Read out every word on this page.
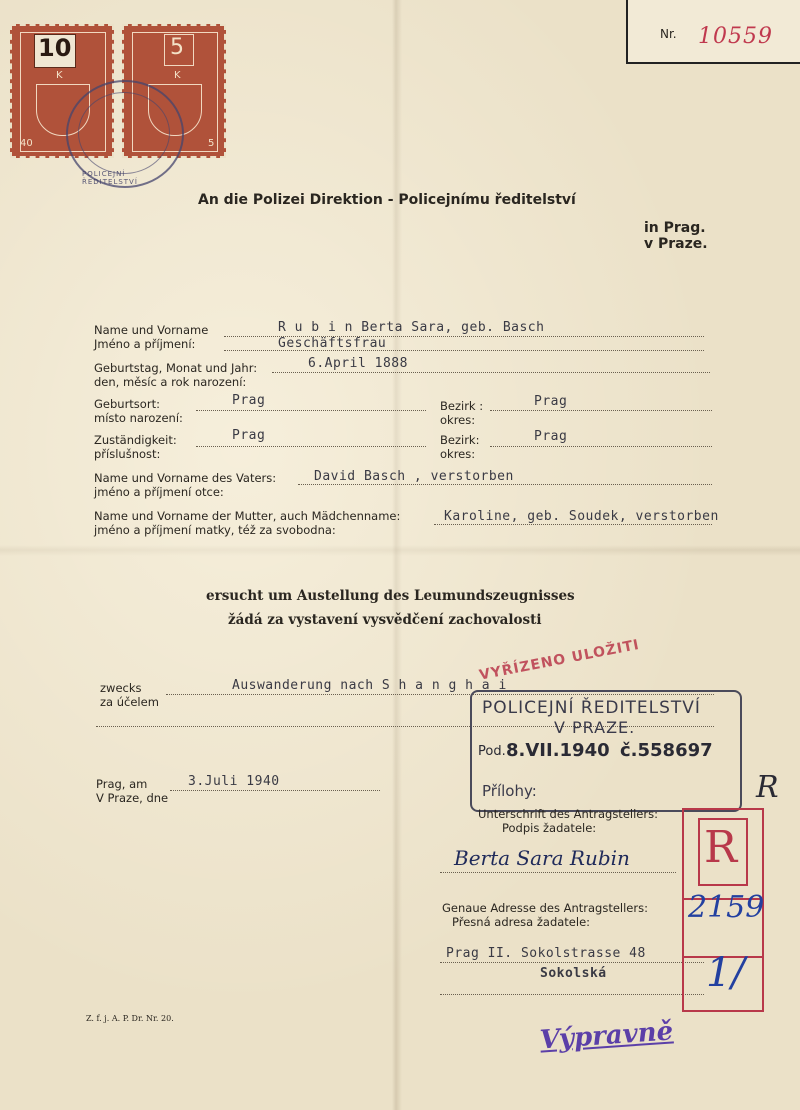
Nr. 10559
10
K
40
5
K
5
POLICEJNÍ ŘEDITELSTVÍ
An die Polizei Direktion - Policejnímu ředitelství
in Prag.
v Praze.
Name und Vorname
Jméno a příjmení:
R u b i n Berta Sara, geb. Basch
Geschäftsfrau
Geburtstag, Monat und Jahr:
den, měsíc a rok narození:
6.April 1888
Geburtsort:
místo narození:
Prag	Bezirk :
okres:
Prag
Zuständigkeit:
příslušnost:
Prag	Bezirk:
okres:
Prag
Name und Vorname des Vaters:
jméno a příjmení otce:
David Basch , verstorben
Name und Vorname der Mutter, auch Mädchenname:
jméno a příjmení matky, též za svobodna:
Karoline, geb. Soudek, verstorben
ersucht um Austellung des Leumundszeugnisses
žádá za vystavení vysvědčení zachovalosti
zwecks
za účelem
Auswanderung nach S h a n g h a i
Prag, am
V Praze, dne
3.Juli 1940
POLICEJNÍ ŘEDITELSTVÍ
V PRAZE.
Pod. 8.VII.1940 č.558697
Přílohy:
VYŘÍZENO ULOŽITI
Unterschrift des Antragstellers:
Podpis žadatele:
Berta Sara Rubin
Genaue Adresse des Antragstellers:
Přesná adresa žadatele:
Prag II. Sokolstrasse 48
Sokolská
R
2159
1/
R
Výpravně
Z. f. j. A. P. Dr. Nr. 20.
